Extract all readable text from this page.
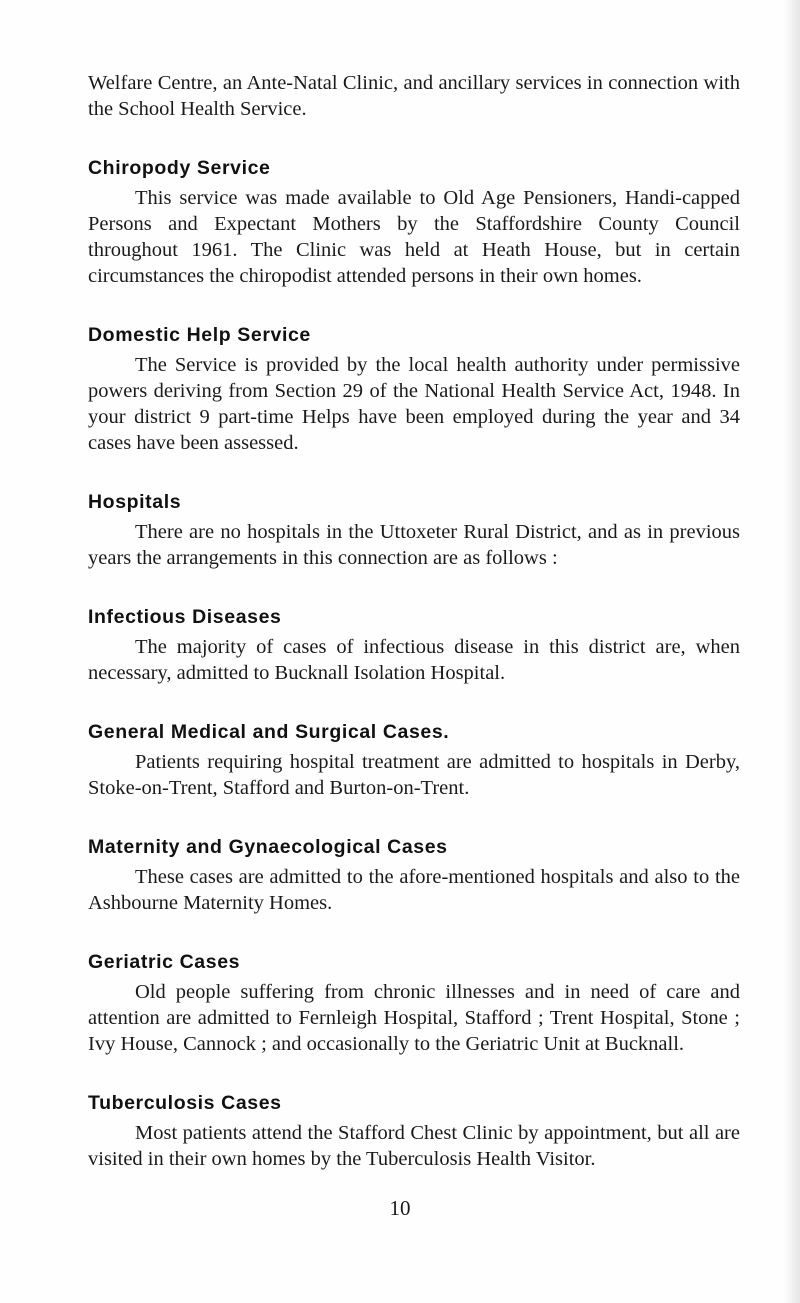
Welfare Centre, an Ante-Natal Clinic, and ancillary services in connection with the School Health Service.

Chiropody Service

This service was made available to Old Age Pensioners, Handi-capped Persons and Expectant Mothers by the Staffordshire County Council throughout 1961. The Clinic was held at Heath House, but in certain circumstances the chiropodist attended persons in their own homes.

Domestic Help Service

The Service is provided by the local health authority under permissive powers deriving from Section 29 of the National Health Service Act, 1948. In your district 9 part-time Helps have been employed during the year and 34 cases have been assessed.

Hospitals

There are no hospitals in the Uttoxeter Rural District, and as in previous years the arrangements in this connection are as follows :

Infectious Diseases

The majority of cases of infectious disease in this district are, when necessary, admitted to Bucknall Isolation Hospital.

General Medical and Surgical Cases.

Patients requiring hospital treatment are admitted to hospitals in Derby, Stoke-on-Trent, Stafford and Burton-on-Trent.

Maternity and Gynaecological Cases

These cases are admitted to the afore-mentioned hospitals and also to the Ashbourne Maternity Homes.

Geriatric Cases

Old people suffering from chronic illnesses and in need of care and attention are admitted to Fernleigh Hospital, Stafford ; Trent Hospital, Stone ; Ivy House, Cannock ; and occasionally to the Geriatric Unit at Bucknall.

Tuberculosis Cases

Most patients attend the Stafford Chest Clinic by appointment, but all are visited in their own homes by the Tuberculosis Health Visitor.

10
